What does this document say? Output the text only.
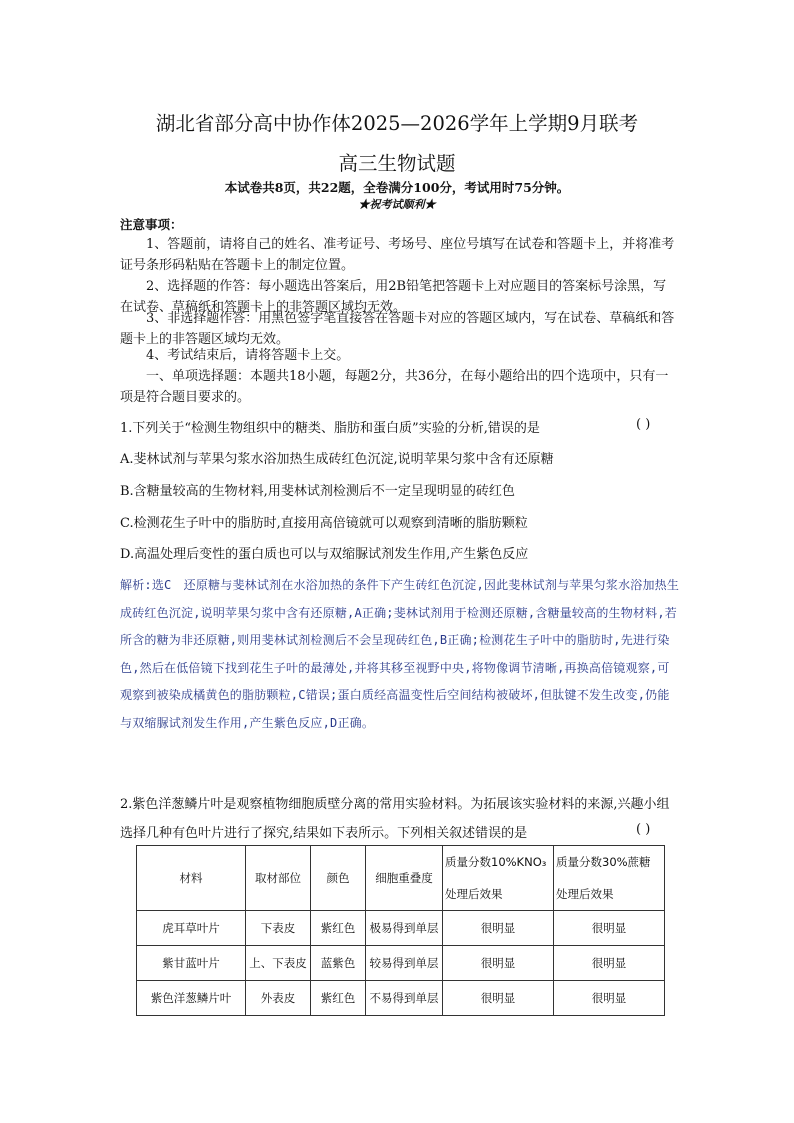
湖北省部分高中协作体2025—2026学年上学期9月联考
高三生物试题
本试卷共8页，共22题，全卷满分100分，考试用时75分钟。
★祝考试顺利★
注意事项：

1、答题前，请将自己的姓名、准考证号、考场号、座位号填写在试卷和答题卡上，并将准考证号条形码粘贴在答题卡上的制定位置。

2、选择题的作答：每小题选出答案后，用2B铅笔把答题卡上对应题目的答案标号涂黑，写在试卷、草稿纸和答题卡上的非答题区域均无效。

3、非选择题作答：用黑色签字笔直接答在答题卡对应的答题区域内，写在试卷、草稿纸和答题卡上的非答题区域均无效。

4、考试结束后，请将答题卡上交。

一、单项选择题：本题共18小题，每题2分，共36分，在每小题给出的四个选项中，只有一项是符合题目要求的。

1.下列关于“检测生物组织中的糖类、脂肪和蛋白质”实验的分析,错误的是	( )
A.斐林试剂与苹果匀浆水浴加热生成砖红色沉淀,说明苹果匀浆中含有还原糖
B.含糖量较高的生物材料,用斐林试剂检测后不一定呈现明显的砖红色
C.检测花生子叶中的脂肪时,直接用高倍镜就可以观察到清晰的脂肪颗粒
D.高温处理后变性的蛋白质也可以与双缩脲试剂发生作用,产生紫色反应

解析:选C　还原糖与斐林试剂在水浴加热的条件下产生砖红色沉淀,因此斐林试剂与苹果匀浆水浴加热生成砖红色沉淀,说明苹果匀浆中含有还原糖,A正确;斐林试剂用于检测还原糖,含糖量较高的生物材料,若所含的糖为非还原糖,则用斐林试剂检测后不会呈现砖红色,B正确;检测花生子叶中的脂肪时,先进行染色,然后在低倍镜下找到花生子叶的最薄处,并将其移至视野中央,将物像调节清晰,再换高倍镜观察,可观察到被染成橘黄色的脂肪颗粒,C错误;蛋白质经高温变性后空间结构被破坏,但肽键不发生改变,仍能与双缩脲试剂发生作用,产生紫色反应,D正确。

2.紫色洋葱鳞片叶是观察植物细胞质壁分离的常用实验材料。为拓展该实验材料的来源,兴趣小组选择几种有色叶片进行了探究,结果如下表所示。下列相关叙述错误的是	( )
材料	取材部位	颜色	细胞重叠度	质量分数10%KNO₃处理后效果	质量分数30%蔗糖处理后效果
虎耳草叶片	下表皮	紫红色	极易得到单层	很明显	很明显
紫甘蓝叶片	上、下表皮	蓝紫色	较易得到单层	很明显	很明显
紫色洋葱鳞片叶	外表皮	紫红色	不易得到单层	很明显	很明显
